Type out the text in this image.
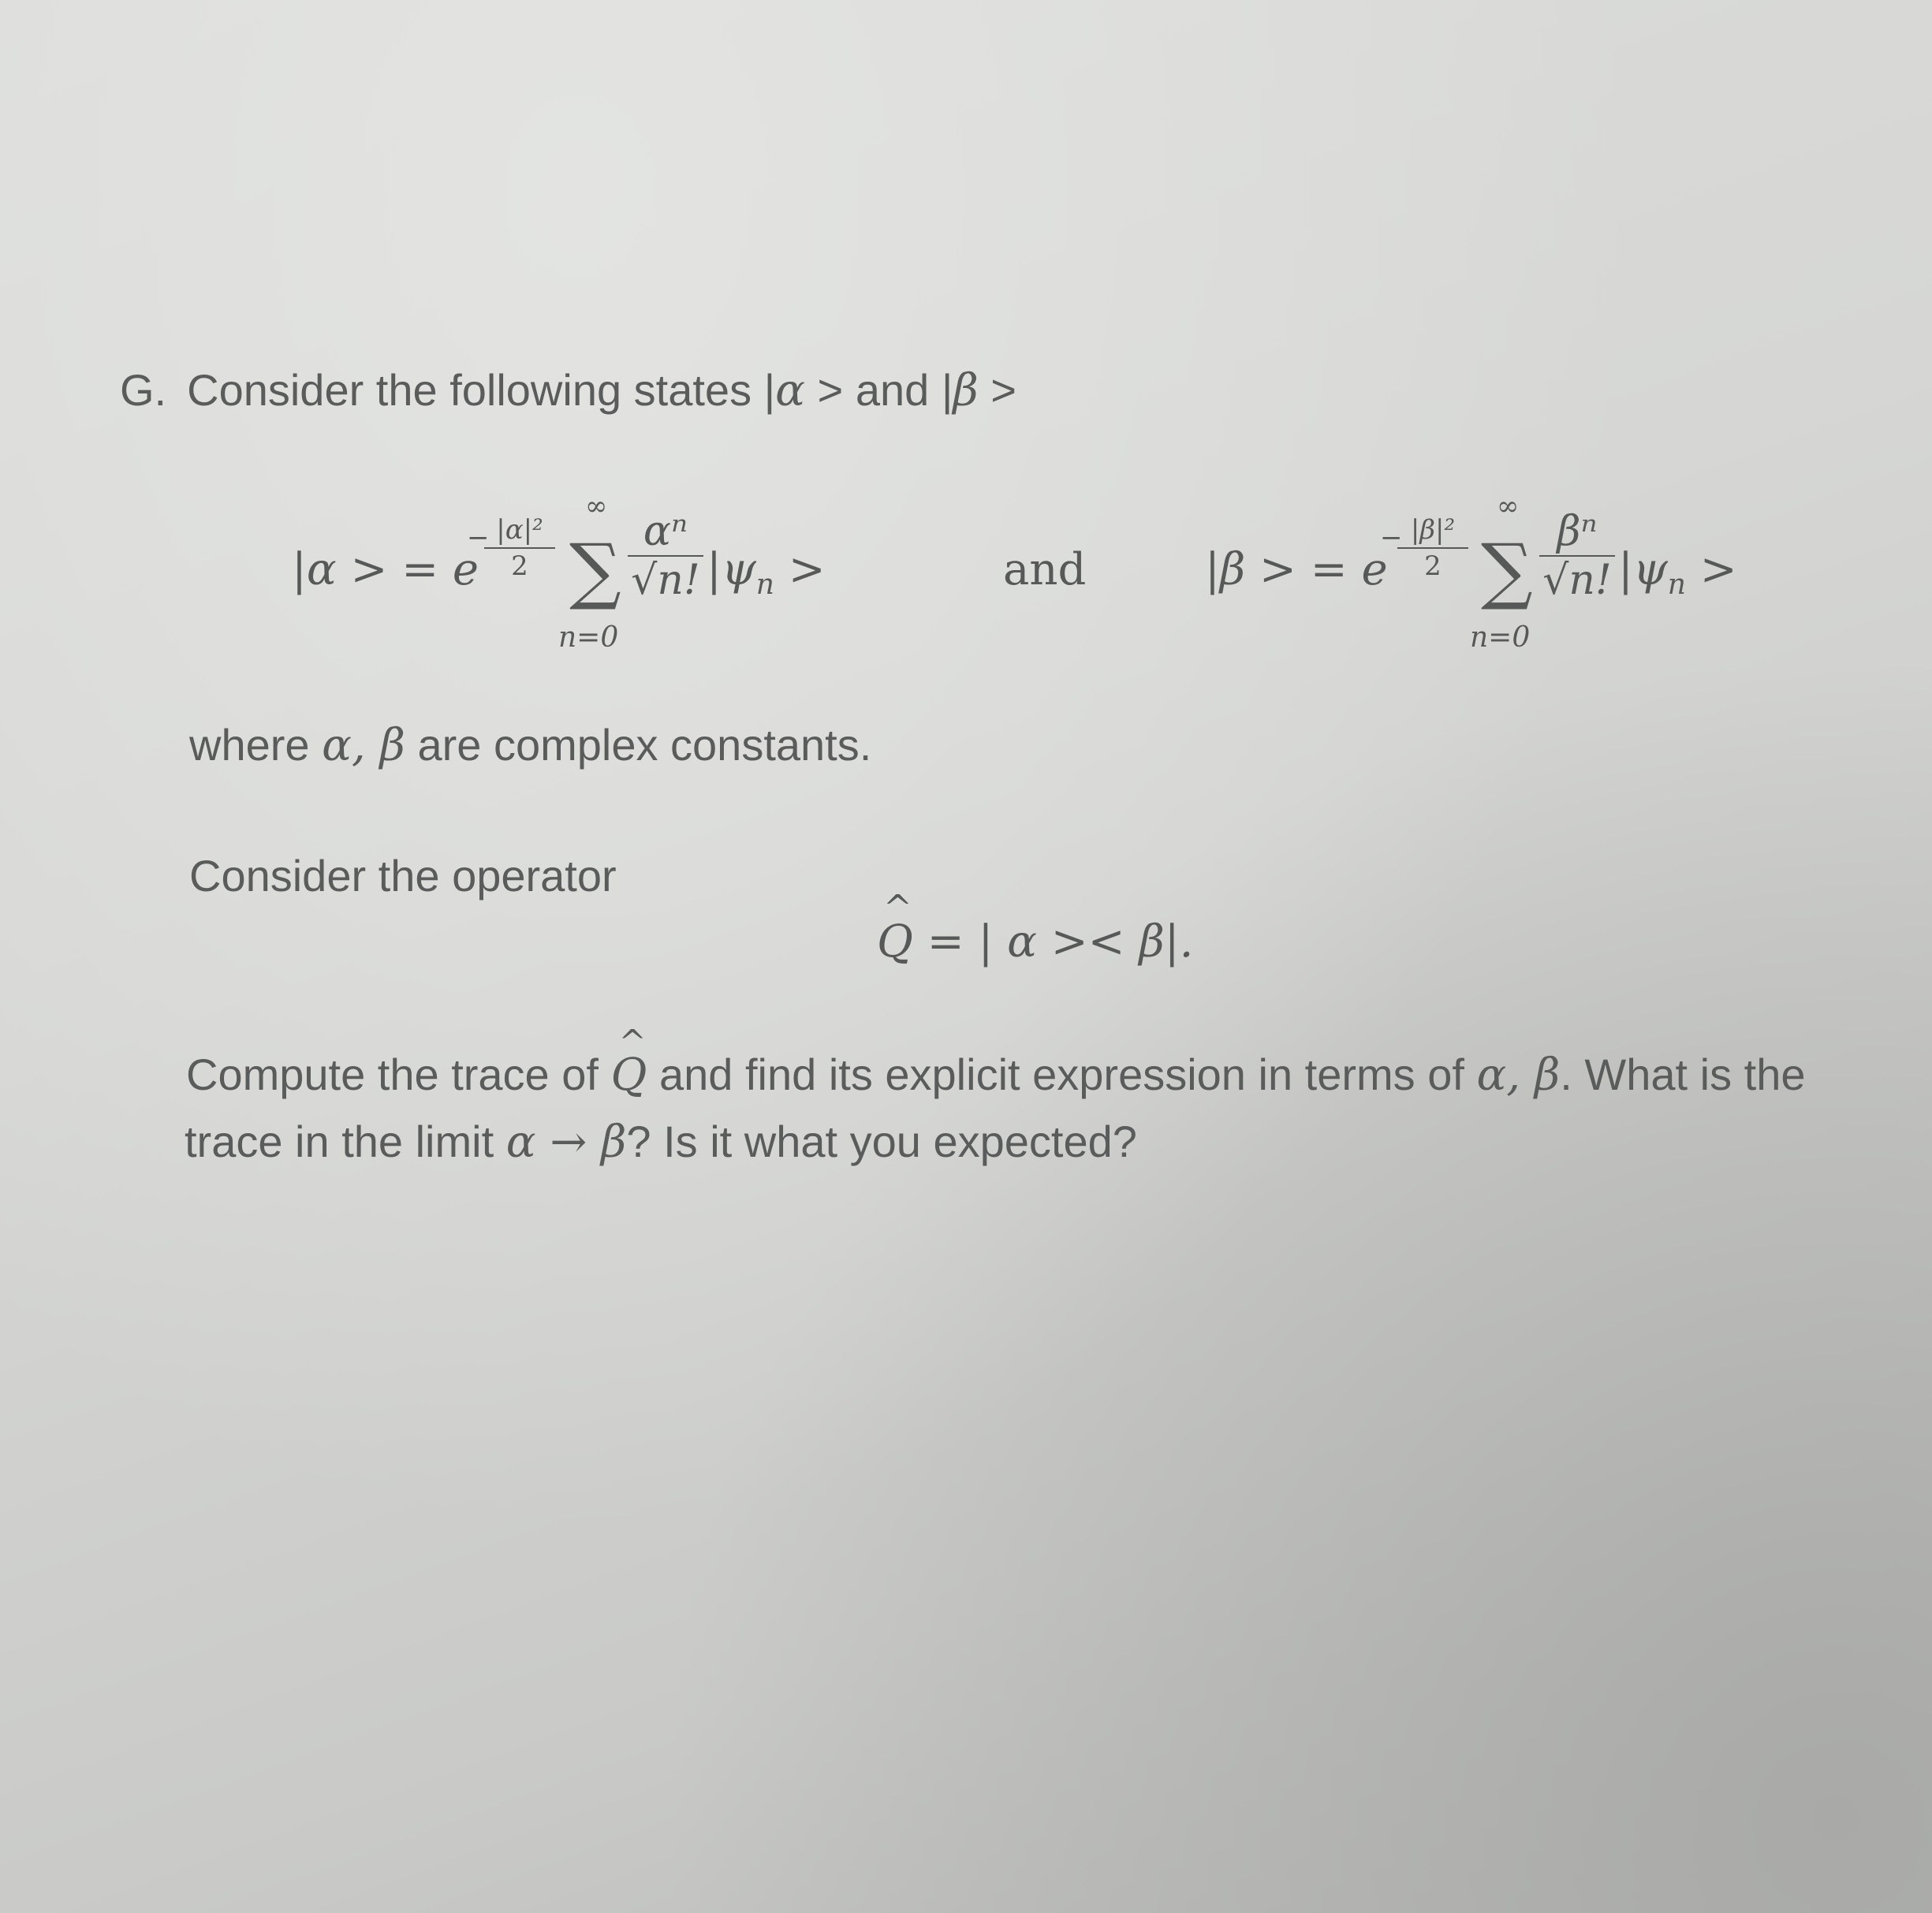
G. Consider the following states |α > and |β >
|α > = e
−
$\frac{\text{|α|²}}{2}$
∞
∑
n=0
$\frac{\text{αⁿ}}{√n!} |\psi_n$ >	and	|β > = e
−
$\frac{\text{|β|²}}{2}$
∞
∑
n=0
$\frac{\text{βⁿ}}{√n!} |\psi_n$ >
where α, β are complex constants.
Consider the operator
^ Q = | α >< β|.
Compute the trace of ^ Q and find its explicit expression in terms of α, β. What is the
trace in the limit α → β? Is it what you expected?
